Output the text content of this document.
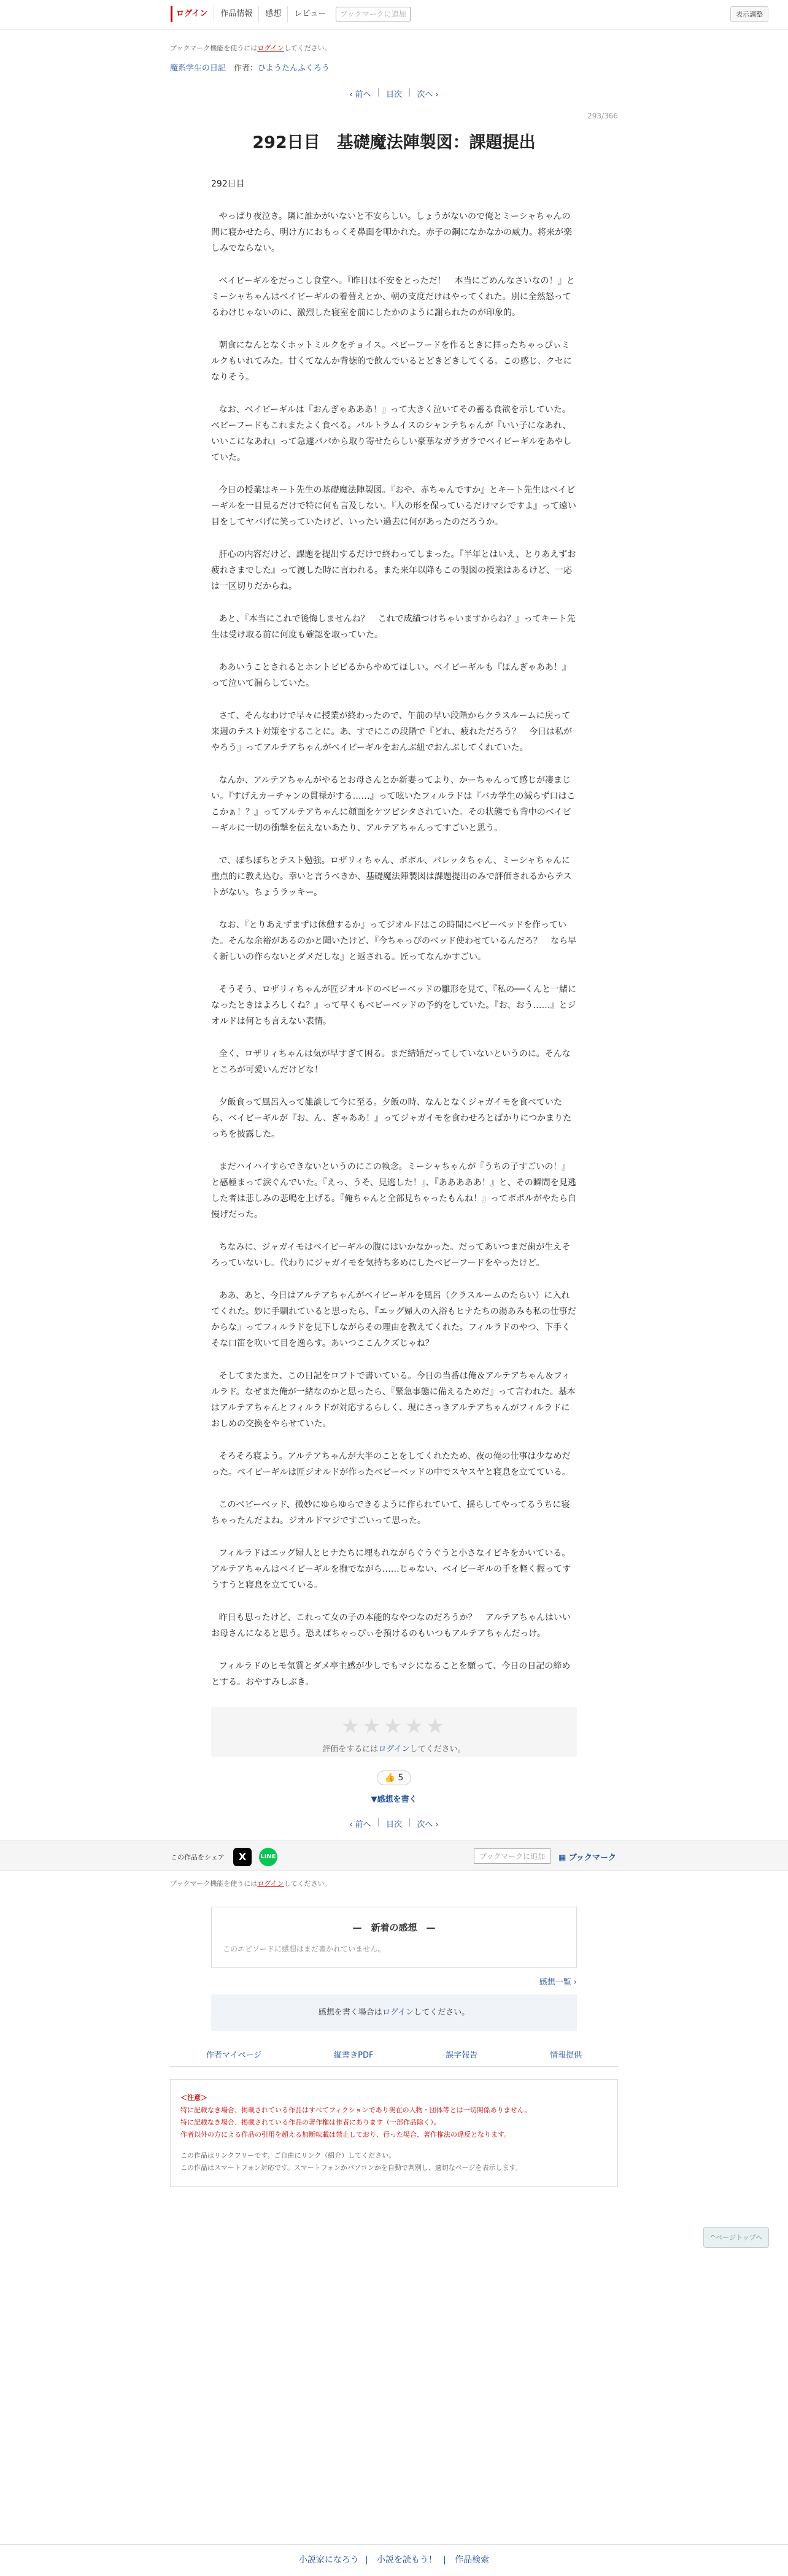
ログイン	作品情報	感想	レビュー	ブックマークに追加	表示調整
ブックマーク機能を使うにはログインしてください。
魔系学生の日記　 作者：ひようたんふくろう
‹ 前へ | 目次 | 次へ ›
293/366
292日目　基礎魔法陣製図：課題提出

292日目

やっぱり夜泣き。隣に誰かがいないと不安らしい。しょうがないので俺とミーシャちゃんの間に寝かせたら、明け方におもっくそ鼻面を叩かれた。赤子の鋼になかなかの威力。将来が楽しみでならない。

ベイビーギルをだっこし食堂へ。『昨日は不安をとっただ！　本当にごめんなさいなの！』とミーシャちゃんはベイビーギルの着替えとか、朝の支度だけはやってくれた。別に全然怒ってるわけじゃないのに、激烈した寝室を前にしたかのように謝られたのが印象的。

朝食になんとなくホットミルクをチョイス。ベビーフードを作るときに拝ったちゃっぴぃミルクもいれてみた。甘くてなんか背徳的で飲んでいるとどきどきしてくる。この感じ、クセになりそう。

なお、ベイビーギルは『おんぎゃあああ！』って大きく泣いてその蓄る食欲を示していた。ベビーフードもこれまたよく食べる。パルトラムイスのシャンテちゃんが『いい子になあれ、いいこになあれ』って急遽パパから取り寄せたらしい豪華なガラガラでベイビーギルをあやしていた。

今日の授業はキート先生の基礎魔法陣製図。『おや、赤ちゃんですか』とキート先生はベイビーギルを一目見るだけで特に何も言及しない。『人の形を保っているだけマシですよ』って遠い目をしてヤバげに笑っていたけど、いったい過去に何があったのだろうか。

肝心の内容だけど、課題を提出するだけで終わってしまった。『半年とはいえ、とりあえずお疲れさまでした』って渡した時に言われる。また来年以降もこの製図の授業はあるけど、一応は一区切りだからね。

あと、『本当にこれで後悔しませんね？　これで成績つけちゃいますからね？』ってキート先生は受け取る前に何度も確認を取っていた。

ああいうことされるとホントビビるからやめてほしい。ベイビーギルも『ほんぎゃああ！』って泣いて漏らしていた。

さて、そんなわけで早々に授業が終わったので、午前の早い段階からクラスルームに戻って来週のテスト対策をすることに。あ、すでにこの段階で『どれ、疲れただろう？　今日は私がやろう』ってアルテアちゃんがベイビーギルをおんぶ紐でおんぶしてくれていた。

なんか、アルテアちゃんがやるとお母さんとか新妻ってより、かーちゃんって感じが凄まじい。『すげえカーチャンの貫禄がする……』って呟いたフィルラドは『バカ学生の減らず口はここかぁ！？』ってアルテアちゃんに顔面をケツピシタされていた。その状態でも背中のベイビーギルに一切の衝撃を伝えないあたり、アルテアちゃんってすごいと思う。

で、ぼちぼちとテスト勉強。ロザリィちゃん、ポポル、パレッタちゃん、ミーシャちゃんに重点的に教え込む。幸いと言うべきか、基礎魔法陣製図は課題提出のみで評価されるからテストがない。ちょうラッキー。

なお、『とりあえずまずは休憩するか』ってジオルドはこの時間にベビーベッドを作っていた。そんな余裕があるのかと聞いたけど、『今ちゃっぴのベッド使わせているんだろ？　なら早く新しいの作らないとダメだしな』と返される。匠ってなんかすごい。

そうそう、ロザリィちゃんが匠ジオルドのベビーベッドの雛形を見て、『私の──くんと一緒になったときはよろしくね？』って早くもベビーベッドの予約をしていた。『お、おう……』とジオルドは何とも言えない表情。

全く、ロザリィちゃんは気が早すぎて困る。まだ結婚だってしていないというのに。そんなところが可愛いんだけどな！

夕飯食って風呂入って雑談して今に至る。夕飯の時、なんとなくジャガイモを食べていたら、ベイビーギルが『お、ん、ぎゃああ！』ってジャガイモを食わせろとばかりにつかまりたっちを披露した。

まだハイハイすらできないというのにこの執念。ミーシャちゃんが『うちの子すごいの！』と感極まって涙ぐんでいた。『えっ、うそ、見逃した！』、『あああああ！』と、その瞬間を見逃した者は悲しみの悲鳴を上げる。『俺ちゃんと全部見ちゃったもんね！』ってポポルがやたら自慢げだった。

ちなみに、ジャガイモはベイビーギルの腹にはいかなかった。だってあいつまだ歯が生えそろっていないし。代わりにジャガイモを気持ち多めにしたベビーフードをやったけど。

ああ、あと、今日はアルテアちゃんがベイビーギルを風呂（クラスルームのたらい）に入れてくれた。妙に手馴れていると思ったら、『エッグ婦人の入浴もヒナたちの湯あみも私の仕事だからな』ってフィルラドを見下しながらその理由を教えてくれた。フィルラドのやつ、下手くそな口笛を吹いて目を逸らす。あいつここんクズじゃね？

そしてまたまた、この日記をロフトで書いている。今日の当番は俺＆アルテアちゃん＆フィルラド。なぜまた俺が一緒なのかと思ったら、『緊急事態に備えるためだ』って言われた。基本はアルテアちゃんとフィルラドが対応するらしく、現にさっきアルテアちゃんがフィルラドにおしめの交換をやらせていた。

そろそろ寝よう。アルテアちゃんが大半のことをしてくれたため、夜の俺の仕事は少なめだった。ベイビーギルは匠ジオルドが作ったベビーベッドの中でスヤスヤと寝息を立てている。

このベビーベッド、微妙にゆらゆらできるように作られていて、揺らしてやってるうちに寝ちゃったんだよね。ジオルドマジですごいって思った。

フィルラドはエッグ婦人とヒナたちに埋もれながらぐうぐうと小さなイビキをかいている。アルテアちゃんはベイビーギルを撫でながら……じゃない、ベイビーギルの手を軽く握ってすうすうと寝息を立てている。

昨日も思ったけど、これって女の子の本能的なやつなのだろうか？　アルテアちゃんはいいお母さんになると思う。恐えばちゃっぴぃを預けるのもいつもアルテアちゃんだっけ。

フィルラドのヒモ気質とダメ亭主感が少しでもマシになることを願って、今日の日記の締めとする。おやすみしぶき。

★★★★★
評価をするにはログインしてください。
👍 5
▼感想を書く
‹ 前へ | 目次 | 次へ ›
この作品をシェア	X	LINE	ブックマークに追加	▦ ブックマーク
ブックマーク機能を使うにはログインしてください。
—　新着の感想　—
このエピソードに感想はまだ書かれていません。
感想一覧 ›
感想を書く場合はログインしてください。
^ページトップへ
作者マイページ	縦書きPDF	誤字報告	情報提供
＜注意＞
特に記載なき場合、掲載されている作品はすべてフィクションであり実在の人物・団体等とは一切関係ありません。
特に記載なき場合、掲載されている作品の著作権は作者にあります（一部作品除く）。
作者以外の方による作品の引用を超える無断転載は禁止しており、行った場合、著作権法の違反となります。
この作品はリンクフリーです。ご自由にリンク（紹介）してください。
この作品はスマートフォン対応です。スマートフォンかパソコンかを自動で判別し、適切なページを表示します。
小説家になろう | 小説を読もう！ | 作品検索
